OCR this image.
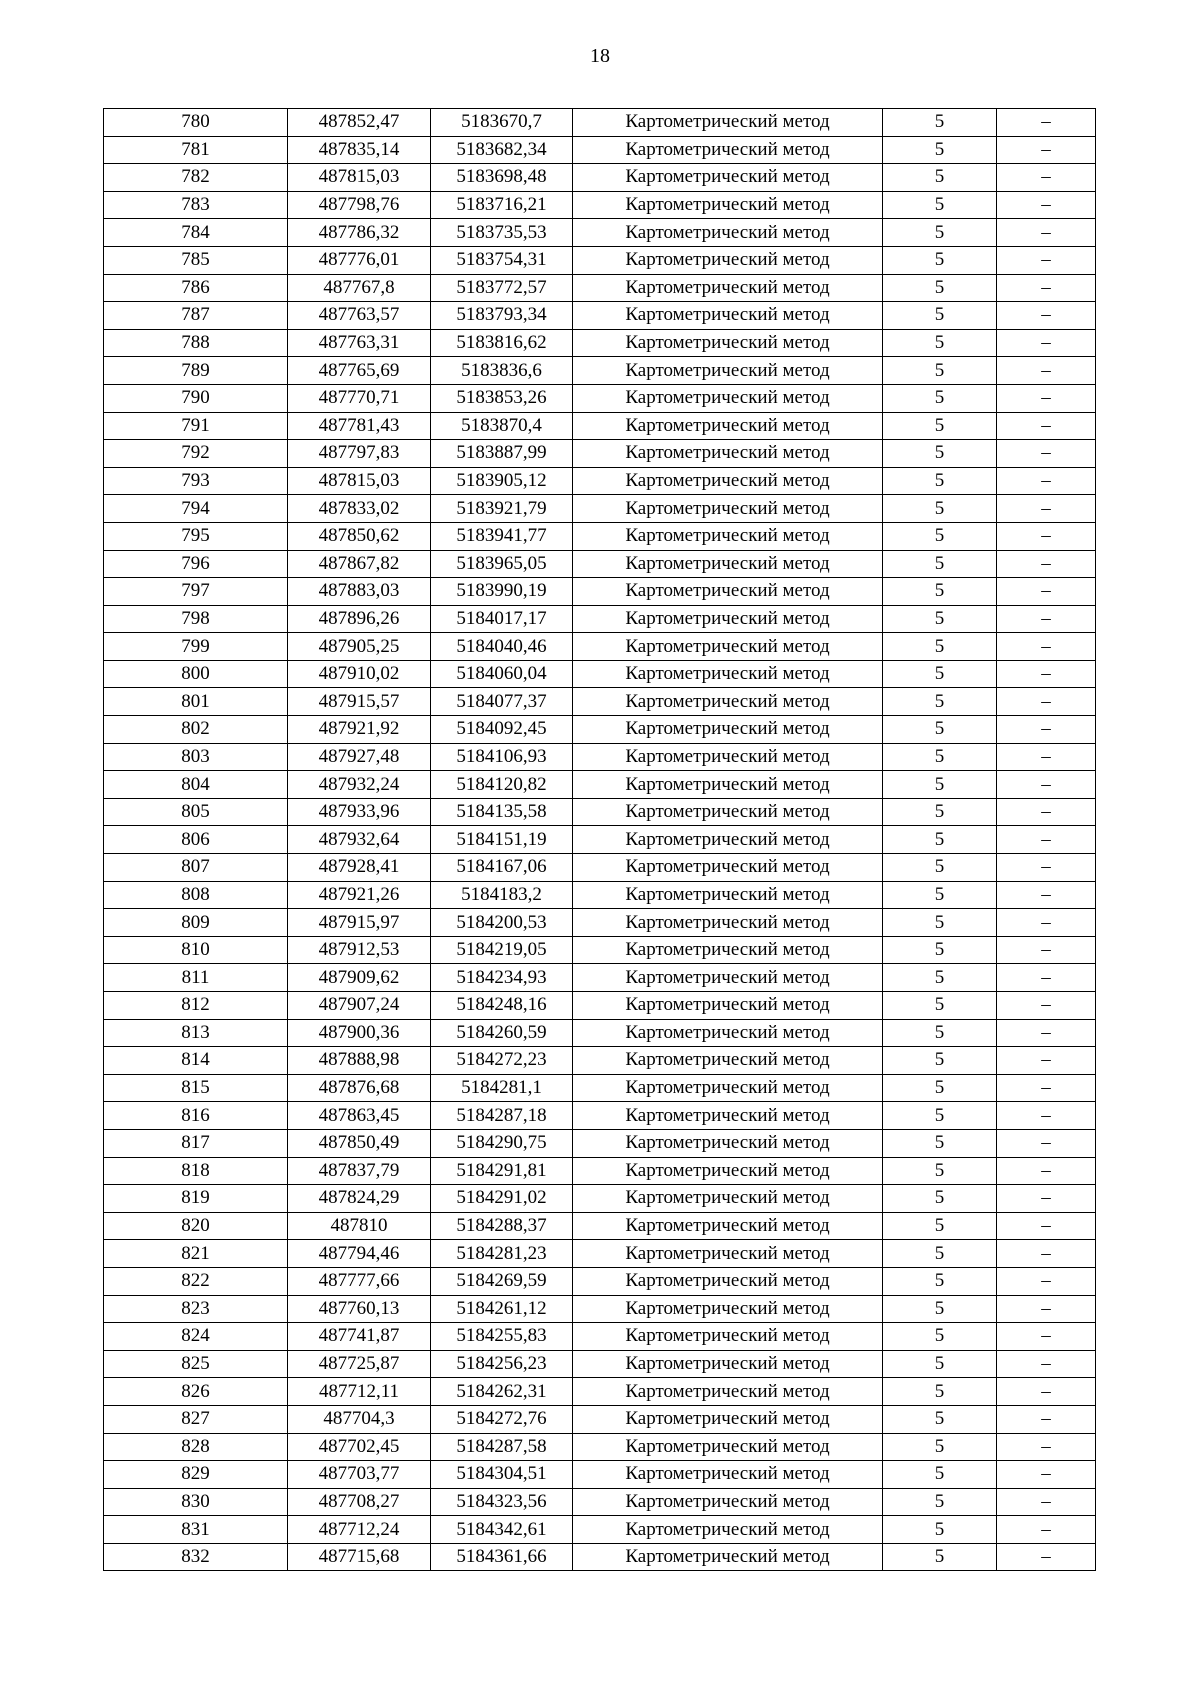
18
780	487852,47	5183670,7	Картометрический метод	5	–
781	487835,14	5183682,34	Картометрический метод	5	–
782	487815,03	5183698,48	Картометрический метод	5	–
783	487798,76	5183716,21	Картометрический метод	5	–
784	487786,32	5183735,53	Картометрический метод	5	–
785	487776,01	5183754,31	Картометрический метод	5	–
786	487767,8	5183772,57	Картометрический метод	5	–
787	487763,57	5183793,34	Картометрический метод	5	–
788	487763,31	5183816,62	Картометрический метод	5	–
789	487765,69	5183836,6	Картометрический метод	5	–
790	487770,71	5183853,26	Картометрический метод	5	–
791	487781,43	5183870,4	Картометрический метод	5	–
792	487797,83	5183887,99	Картометрический метод	5	–
793	487815,03	5183905,12	Картометрический метод	5	–
794	487833,02	5183921,79	Картометрический метод	5	–
795	487850,62	5183941,77	Картометрический метод	5	–
796	487867,82	5183965,05	Картометрический метод	5	–
797	487883,03	5183990,19	Картометрический метод	5	–
798	487896,26	5184017,17	Картометрический метод	5	–
799	487905,25	5184040,46	Картометрический метод	5	–
800	487910,02	5184060,04	Картометрический метод	5	–
801	487915,57	5184077,37	Картометрический метод	5	–
802	487921,92	5184092,45	Картометрический метод	5	–
803	487927,48	5184106,93	Картометрический метод	5	–
804	487932,24	5184120,82	Картометрический метод	5	–
805	487933,96	5184135,58	Картометрический метод	5	–
806	487932,64	5184151,19	Картометрический метод	5	–
807	487928,41	5184167,06	Картометрический метод	5	–
808	487921,26	5184183,2	Картометрический метод	5	–
809	487915,97	5184200,53	Картометрический метод	5	–
810	487912,53	5184219,05	Картометрический метод	5	–
811	487909,62	5184234,93	Картометрический метод	5	–
812	487907,24	5184248,16	Картометрический метод	5	–
813	487900,36	5184260,59	Картометрический метод	5	–
814	487888,98	5184272,23	Картометрический метод	5	–
815	487876,68	5184281,1	Картометрический метод	5	–
816	487863,45	5184287,18	Картометрический метод	5	–
817	487850,49	5184290,75	Картометрический метод	5	–
818	487837,79	5184291,81	Картометрический метод	5	–
819	487824,29	5184291,02	Картометрический метод	5	–
820	487810	5184288,37	Картометрический метод	5	–
821	487794,46	5184281,23	Картометрический метод	5	–
822	487777,66	5184269,59	Картометрический метод	5	–
823	487760,13	5184261,12	Картометрический метод	5	–
824	487741,87	5184255,83	Картометрический метод	5	–
825	487725,87	5184256,23	Картометрический метод	5	–
826	487712,11	5184262,31	Картометрический метод	5	–
827	487704,3	5184272,76	Картометрический метод	5	–
828	487702,45	5184287,58	Картометрический метод	5	–
829	487703,77	5184304,51	Картометрический метод	5	–
830	487708,27	5184323,56	Картометрический метод	5	–
831	487712,24	5184342,61	Картометрический метод	5	–
832	487715,68	5184361,66	Картометрический метод	5	–
